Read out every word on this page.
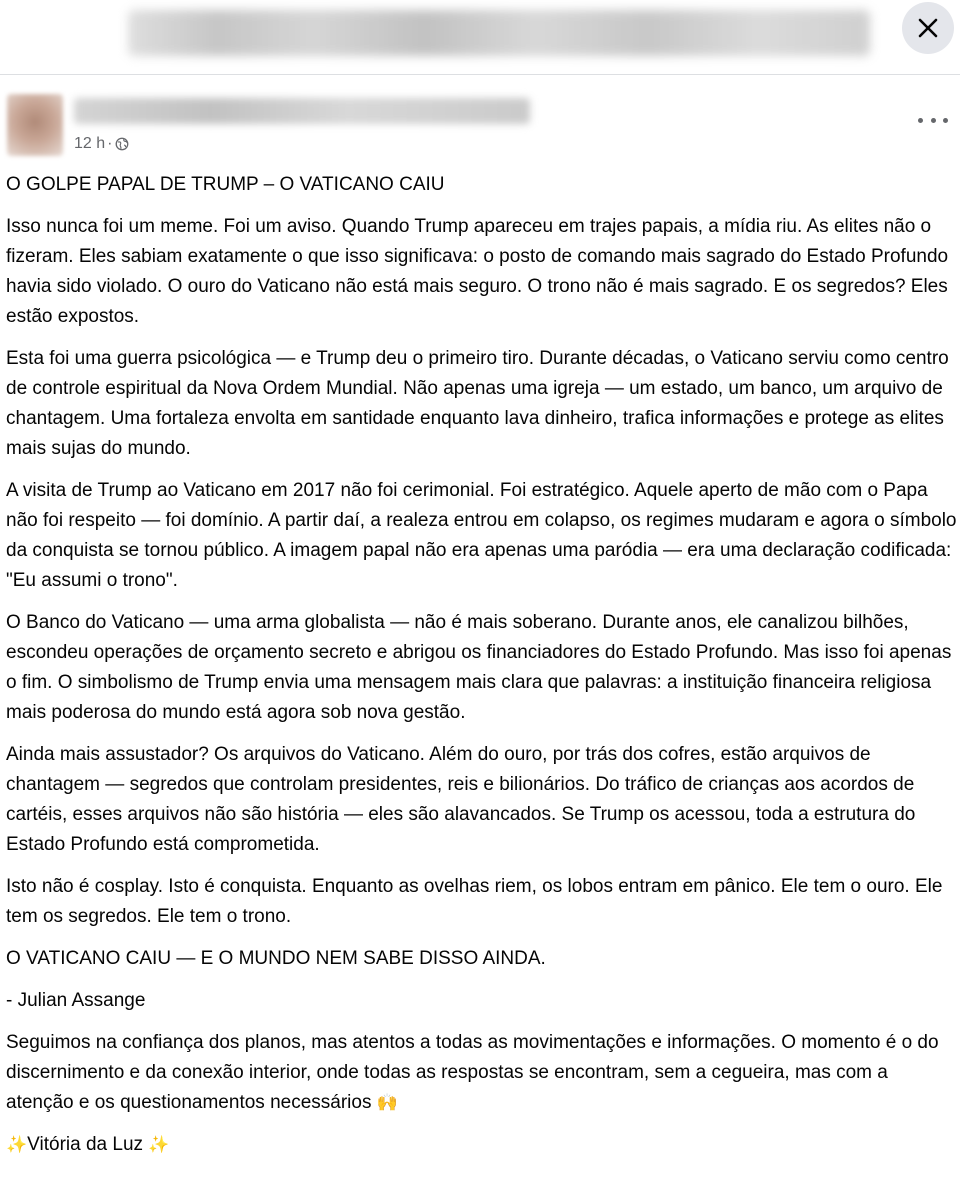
12 h ·

O GOLPE PAPAL DE TRUMP – O VATICANO CAIU

Isso nunca foi um meme. Foi um aviso. Quando Trump apareceu em trajes papais, a mídia riu. As elites não o fizeram. Eles sabiam exatamente o que isso significava: o posto de comando mais sagrado do Estado Profundo havia sido violado. O ouro do Vaticano não está mais seguro. O trono não é mais sagrado. E os segredos? Eles estão expostos.

Esta foi uma guerra psicológica — e Trump deu o primeiro tiro. Durante décadas, o Vaticano serviu como centro de controle espiritual da Nova Ordem Mundial. Não apenas uma igreja — um estado, um banco, um arquivo de chantagem. Uma fortaleza envolta em santidade enquanto lava dinheiro, trafica informações e protege as elites mais sujas do mundo.

A visita de Trump ao Vaticano em 2017 não foi cerimonial. Foi estratégico. Aquele aperto de mão com o Papa não foi respeito — foi domínio. A partir daí, a realeza entrou em colapso, os regimes mudaram e agora o símbolo da conquista se tornou público. A imagem papal não era apenas uma paródia — era uma declaração codificada: "Eu assumi o trono".

O Banco do Vaticano — uma arma globalista — não é mais soberano. Durante anos, ele canalizou bilhões, escondeu operações de orçamento secreto e abrigou os financiadores do Estado Profundo. Mas isso foi apenas o fim. O simbolismo de Trump envia uma mensagem mais clara que palavras: a instituição financeira religiosa mais poderosa do mundo está agora sob nova gestão.

Ainda mais assustador? Os arquivos do Vaticano. Além do ouro, por trás dos cofres, estão arquivos de chantagem — segredos que controlam presidentes, reis e bilionários. Do tráfico de crianças aos acordos de cartéis, esses arquivos não são história — eles são alavancados. Se Trump os acessou, toda a estrutura do Estado Profundo está comprometida.

Isto não é cosplay. Isto é conquista. Enquanto as ovelhas riem, os lobos entram em pânico. Ele tem o ouro. Ele tem os segredos. Ele tem o trono.

O VATICANO CAIU — E O MUNDO NEM SABE DISSO AINDA.

- Julian Assange

Seguimos na confiança dos planos, mas atentos a todas as movimentações e informações. O momento é o do discernimento e da conexão interior, onde todas as respostas se encontram, sem a cegueira, mas com a atenção e os questionamentos necessários 🙌

✨Vitória da Luz ✨
